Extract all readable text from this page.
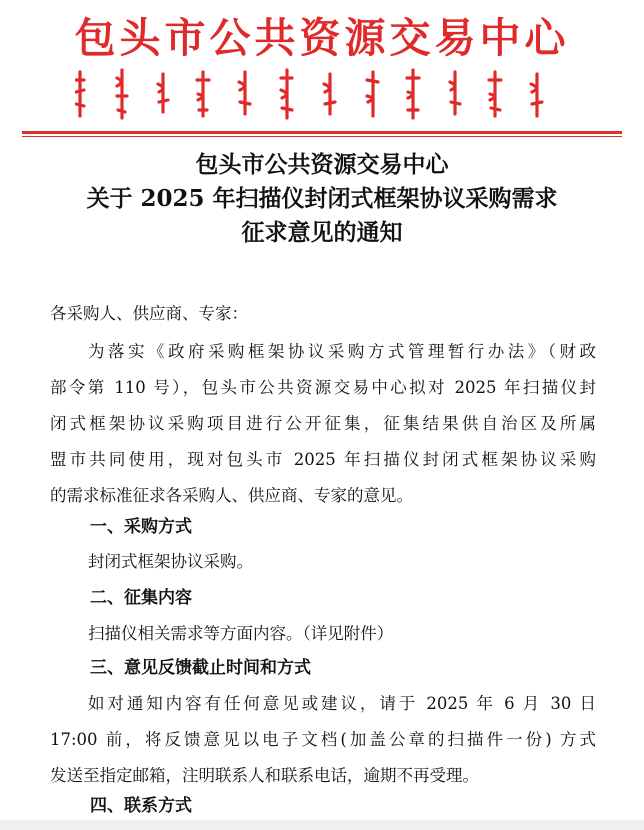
包头市公共资源交易中心
包头市公共资源交易中心
关于 2025 年扫描仪封闭式框架协议采购需求
征求意见的通知
各采购人、供应商、专家：
为落实《政府采购框架协议采购方式管理暂行办法》（财政
部令第 110 号），包头市公共资源交易中心拟对 2025 年扫描仪封
闭式框架协议采购项目进行公开征集，征集结果供自治区及所属
盟市共同使用，现对包头市 2025 年扫描仪封闭式框架协议采购
的需求标准征求各采购人、供应商、专家的意见。
一、采购方式
封闭式框架协议采购。
二、征集内容
扫描仪相关需求等方面内容。（详见附件）
三、意见反馈截止时间和方式
如对通知内容有任何意见或建议，请于 2025 年 6 月 30 日
17:00 前，将反馈意见以电子文档(加盖公章的扫描件一份) 方式
发送至指定邮箱，注明联系人和联系电话，逾期不再受理。
四、联系方式
